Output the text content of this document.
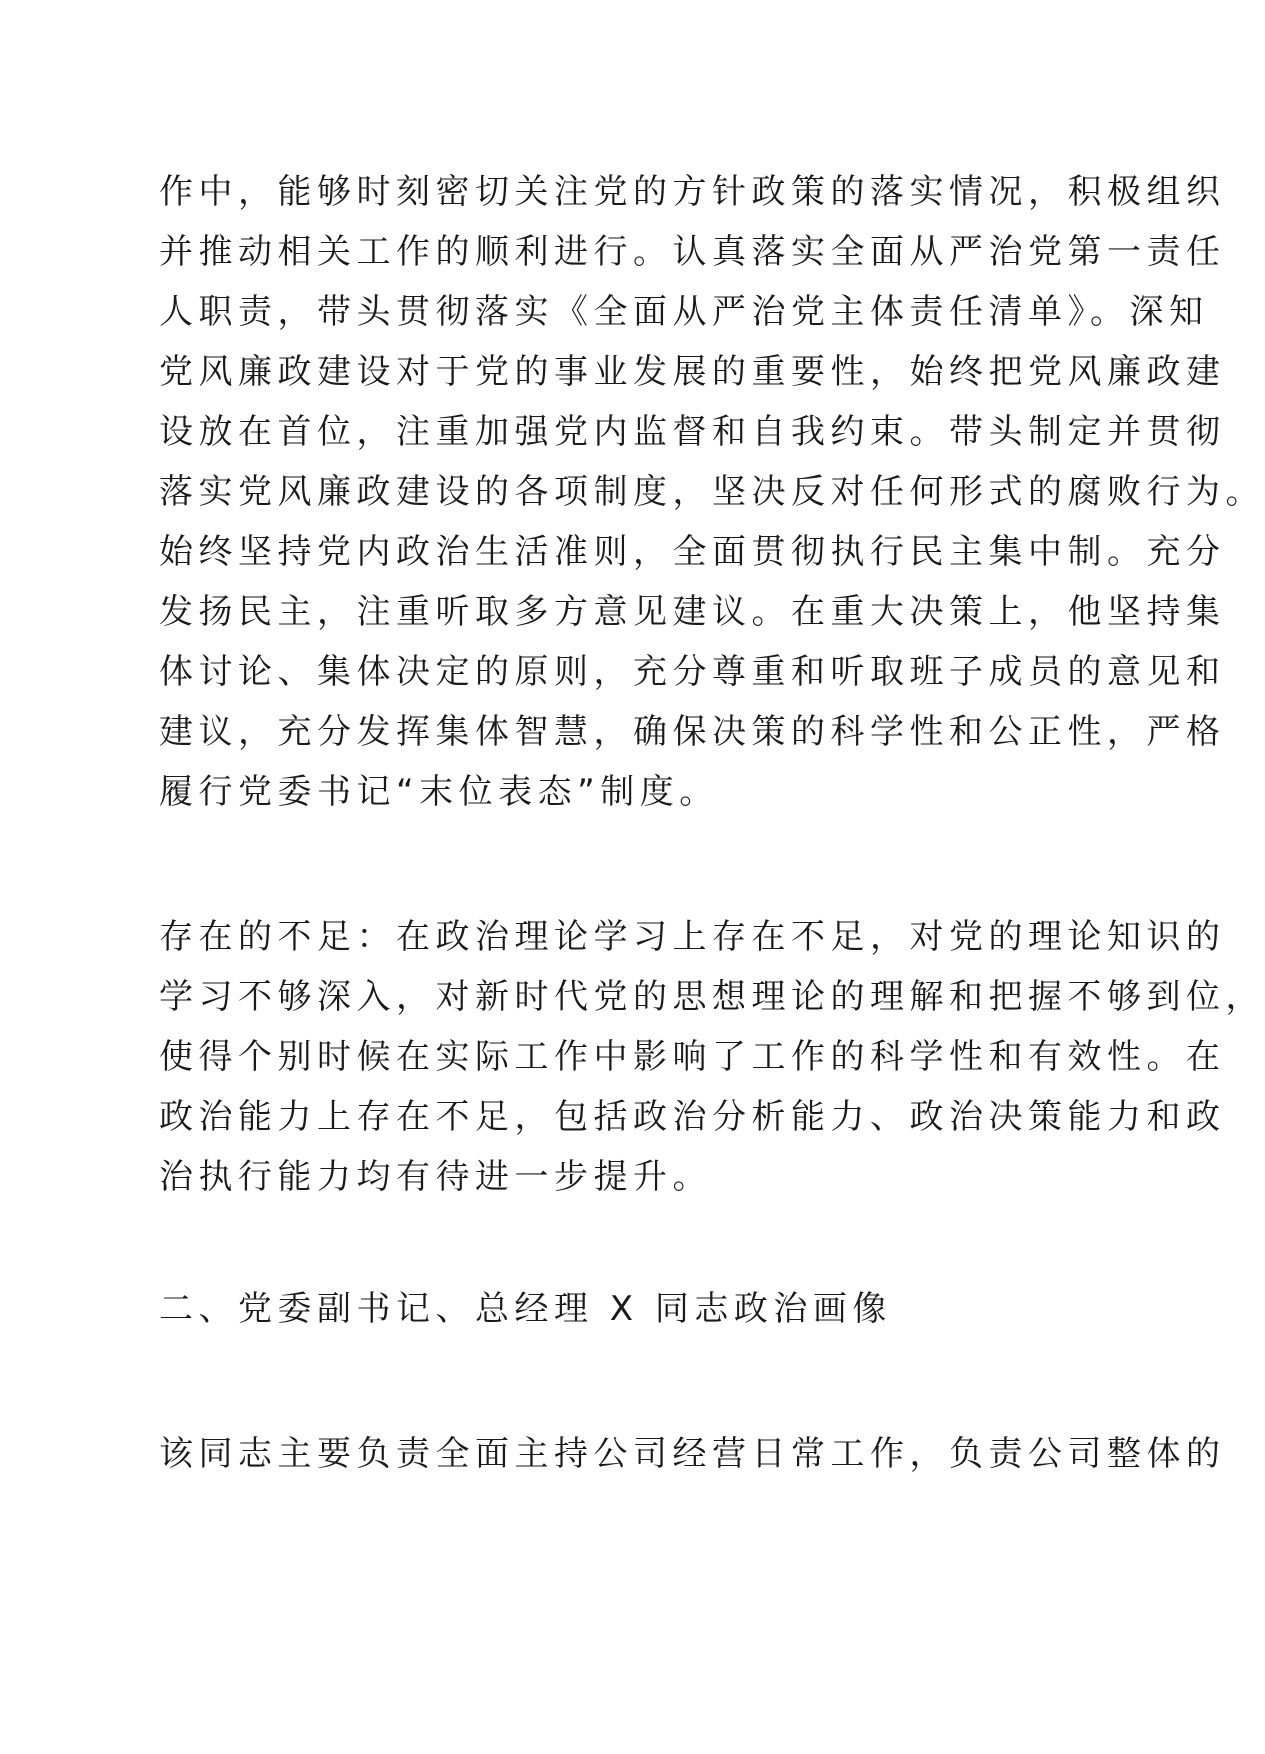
作中，能够时刻密切关注党的方针政策的落实情况，积极组织
并推动相关工作的顺利进行。认真落实全面从严治党第一责任
人职责，带头贯彻落实《全面从严治党主体责任清单》。深知
党风廉政建设对于党的事业发展的重要性，始终把党风廉政建
设放在首位，注重加强党内监督和自我约束。带头制定并贯彻
落实党风廉政建设的各项制度，坚决反对任何形式的腐败行为。
始终坚持党内政治生活准则，全面贯彻执行民主集中制。充分
发扬民主，注重听取多方意见建议。在重大决策上，他坚持集
体讨论、集体决定的原则，充分尊重和听取班子成员的意见和
建议，充分发挥集体智慧，确保决策的科学性和公正性，严格
履行党委书记“末位表态”制度。
存在的不足：在政治理论学习上存在不足，对党的理论知识的
学习不够深入，对新时代党的思想理论的理解和把握不够到位，
使得个别时候在实际工作中影响了工作的科学性和有效性。在
政治能力上存在不足，包括政治分析能力、政治决策能力和政
治执行能力均有待进一步提升。
二、党委副书记、总经理 X 同志政治画像
该同志主要负责全面主持公司经营日常工作，负责公司整体的
